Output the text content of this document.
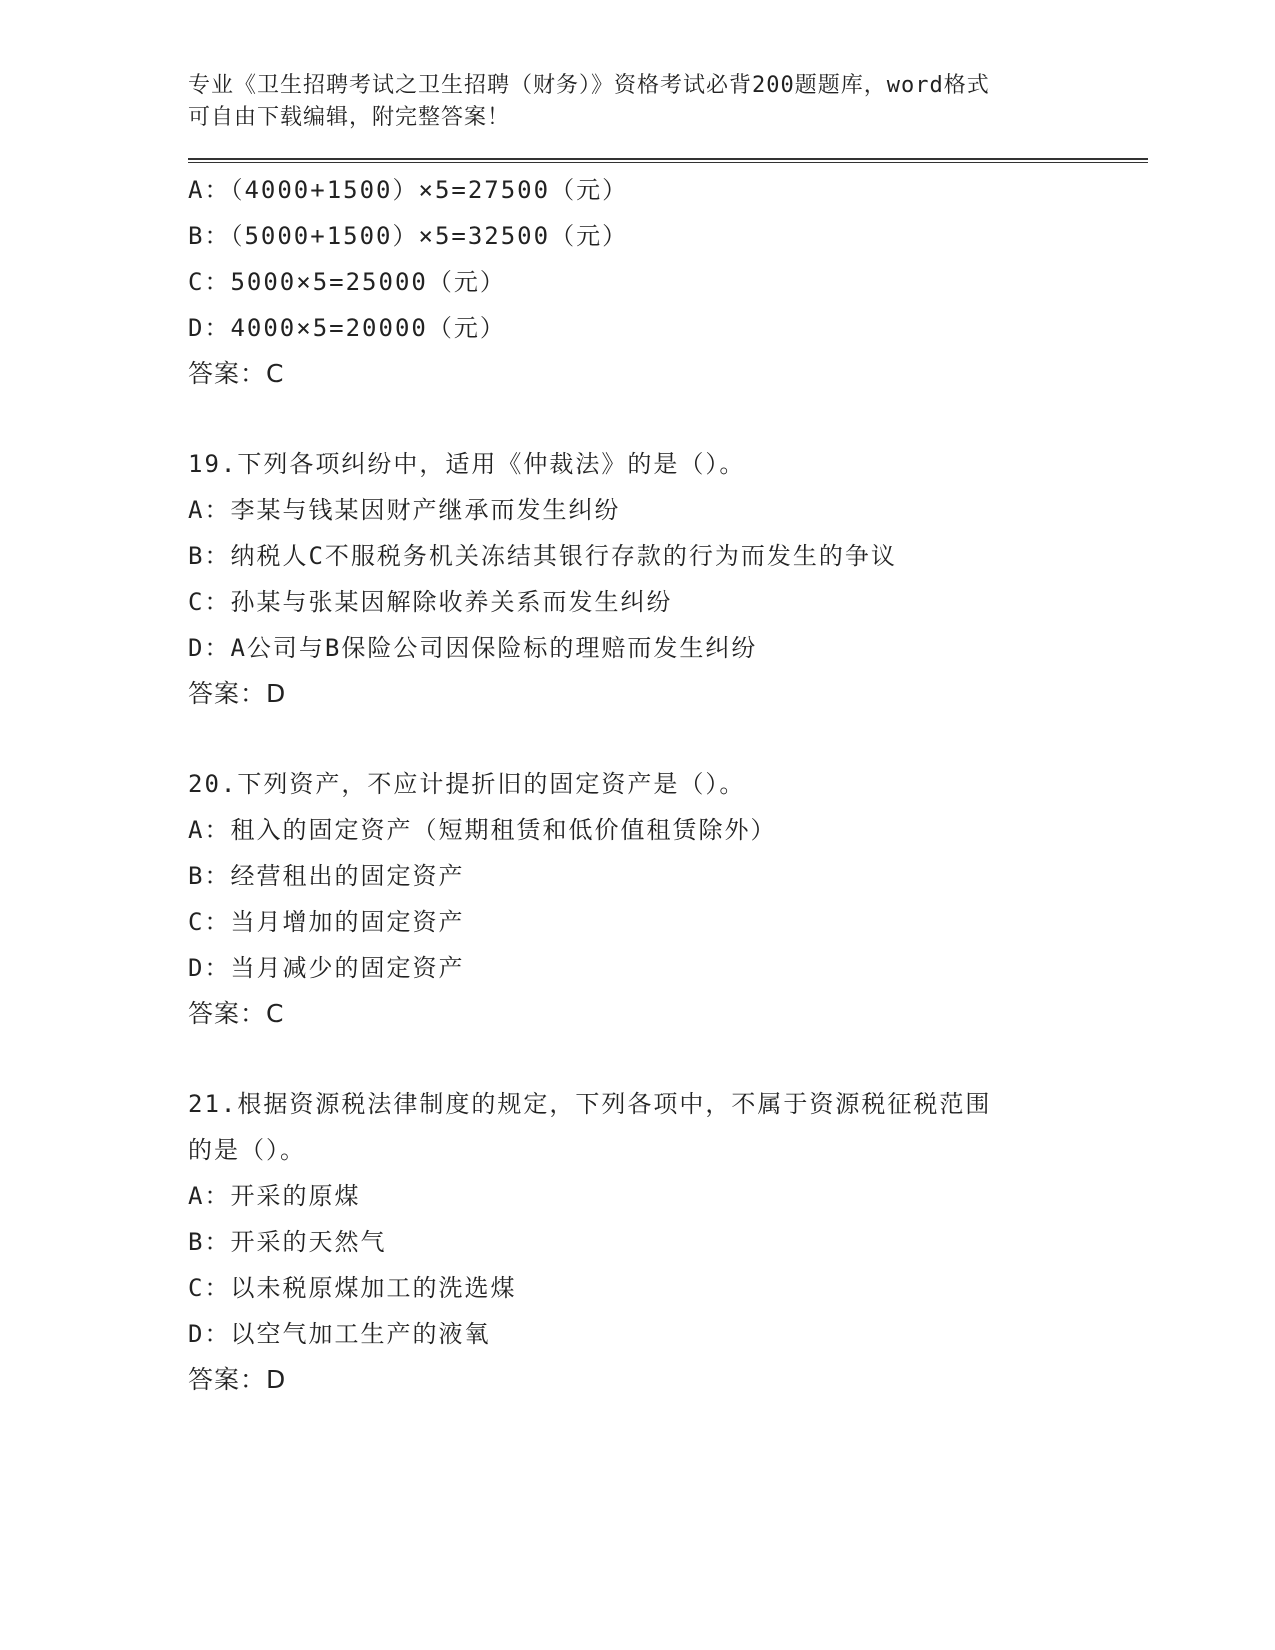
专业《卫生招聘考试之卫生招聘（财务）》资格考试必背200题题库，word格式
可自由下载编辑，附完整答案！
A：（4000+1500）×5=27500（元）
B：（5000+1500）×5=32500（元）
C：5000×5=25000（元）
D：4000×5=20000（元）
答案：C
19.下列各项纠纷中，适用《仲裁法》的是（）。
A：李某与钱某因财产继承而发生纠纷
B：纳税人C不服税务机关冻结其银行存款的行为而发生的争议
C：孙某与张某因解除收养关系而发生纠纷
D：A公司与B保险公司因保险标的理赔而发生纠纷
答案：D
20.下列资产，不应计提折旧的固定资产是（）。
A：租入的固定资产（短期租赁和低价值租赁除外）
B：经营租出的固定资产
C：当月增加的固定资产
D：当月减少的固定资产
答案：C
21.根据资源税法律制度的规定，下列各项中，不属于资源税征税范围
的是（）。
A：开采的原煤
B：开采的天然气
C：以未税原煤加工的洗选煤
D：以空气加工生产的液氧
答案：D
